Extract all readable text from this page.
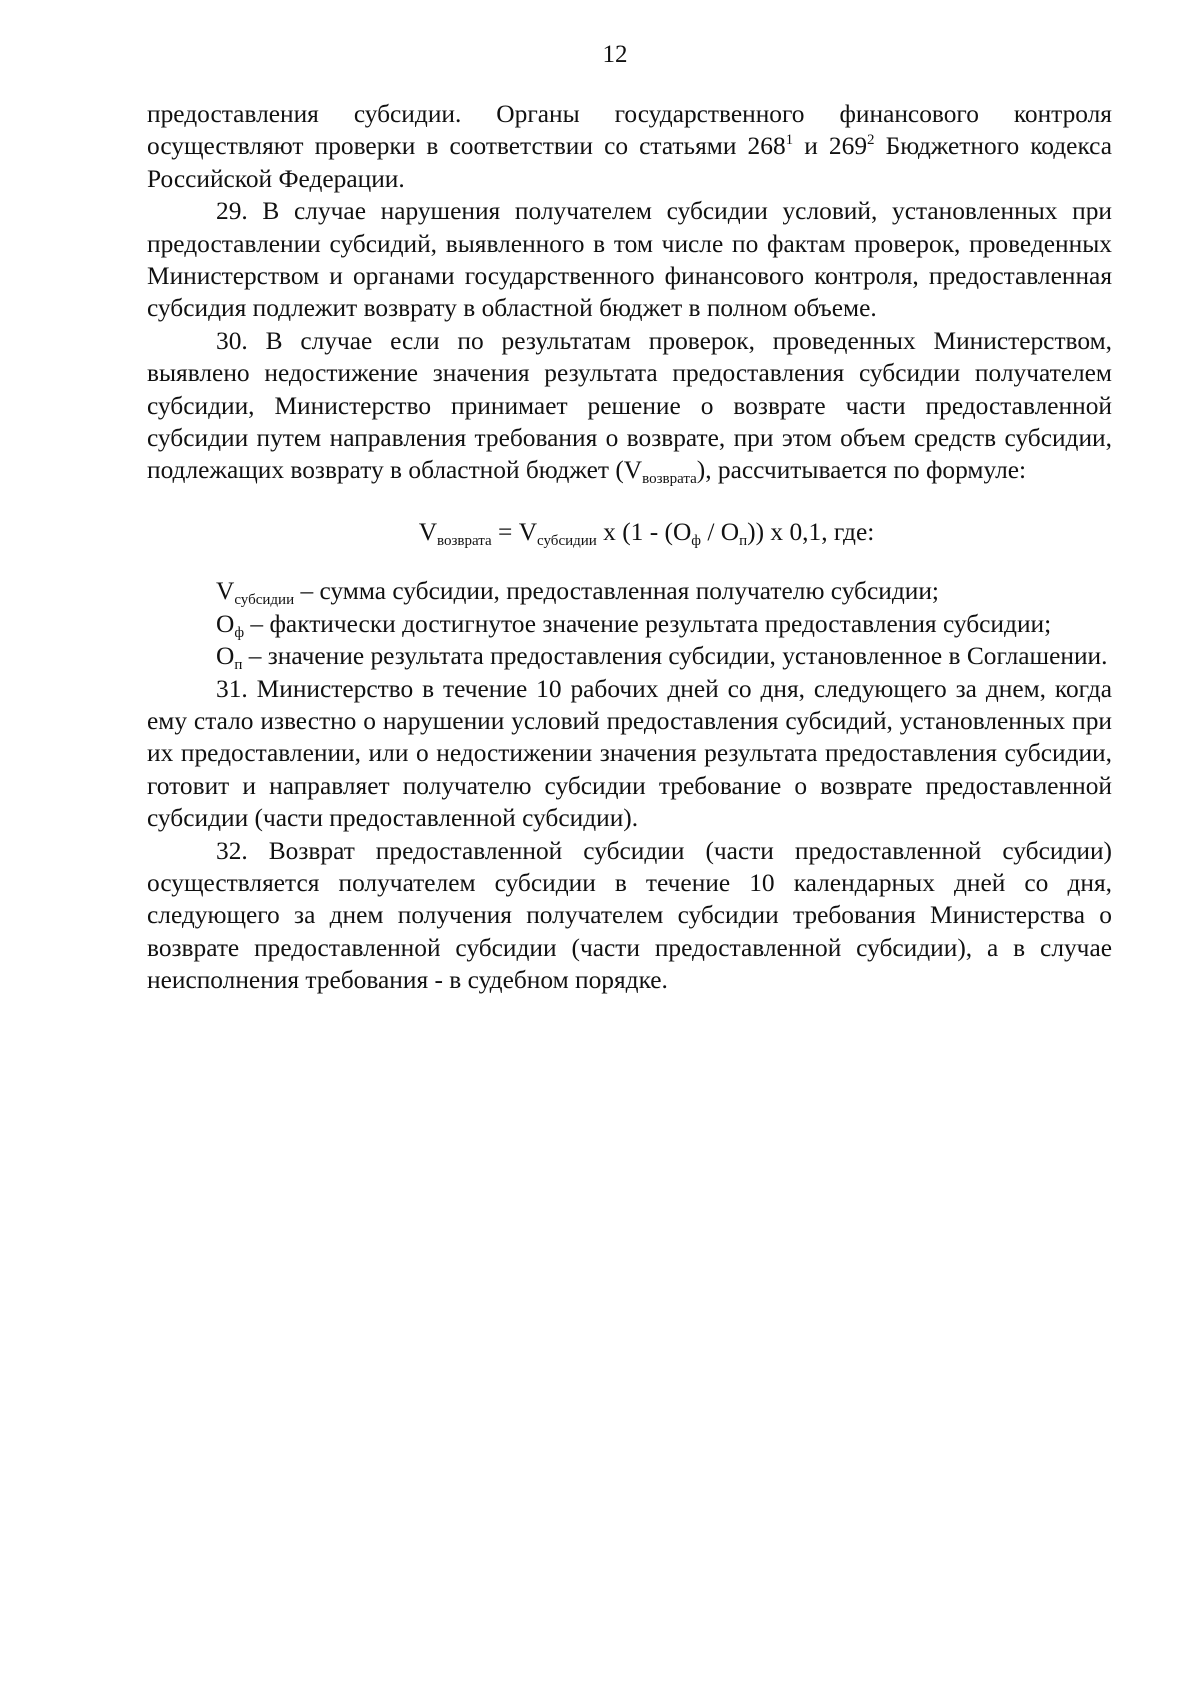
12

предоставления субсидии. Органы государственного финансового контроля осуществляют проверки в соответствии со статьями $268^1$ и $269^2$ Бюджетного кодекса Российской Федерации.

29. В случае нарушения получателем субсидии условий, установленных при предоставлении субсидий, выявленного в том числе по фактам проверок, проведенных Министерством и органами государственного финансового контроля, предоставленная субсидия подлежит возврату в областной бюджет в полном объеме.

30. В случае если по результатам проверок, проведенных Министерством, выявлено недостижение значения результата предоставления субсидии получателем субсидии, Министерство принимает решение о возврате части предоставленной субсидии путем направления требования о возврате, при этом объем средств субсидии, подлежащих возврату в областной бюджет $(V_{возврата})$, рассчитывается по формуле:

$V_{возврата} = V_{субсидии}$ х $(1 - (О_ф / О_п))$ х 0,1, где:

$V_{субсидии}$ – сумма субсидии, предоставленная получателю субсидии;

$О_ф$ – фактически достигнутое значение результата предоставления субсидии;

$О_п$ – значение результата предоставления субсидии, установленное в Соглашении.

31. Министерство в течение 10 рабочих дней со дня, следующего за днем, когда ему стало известно о нарушении условий предоставления субсидий, установленных при их предоставлении, или о недостижении значения результата предоставления субсидии, готовит и направляет получателю субсидии требование о возврате предоставленной субсидии (части предоставленной субсидии).

32. Возврат предоставленной субсидии (части предоставленной субсидии) осуществляется получателем субсидии в течение 10 календарных дней со дня, следующего за днем получения получателем субсидии требования Министерства о возврате предоставленной субсидии (части предоставленной субсидии), а в случае неисполнения требования - в судебном порядке.
